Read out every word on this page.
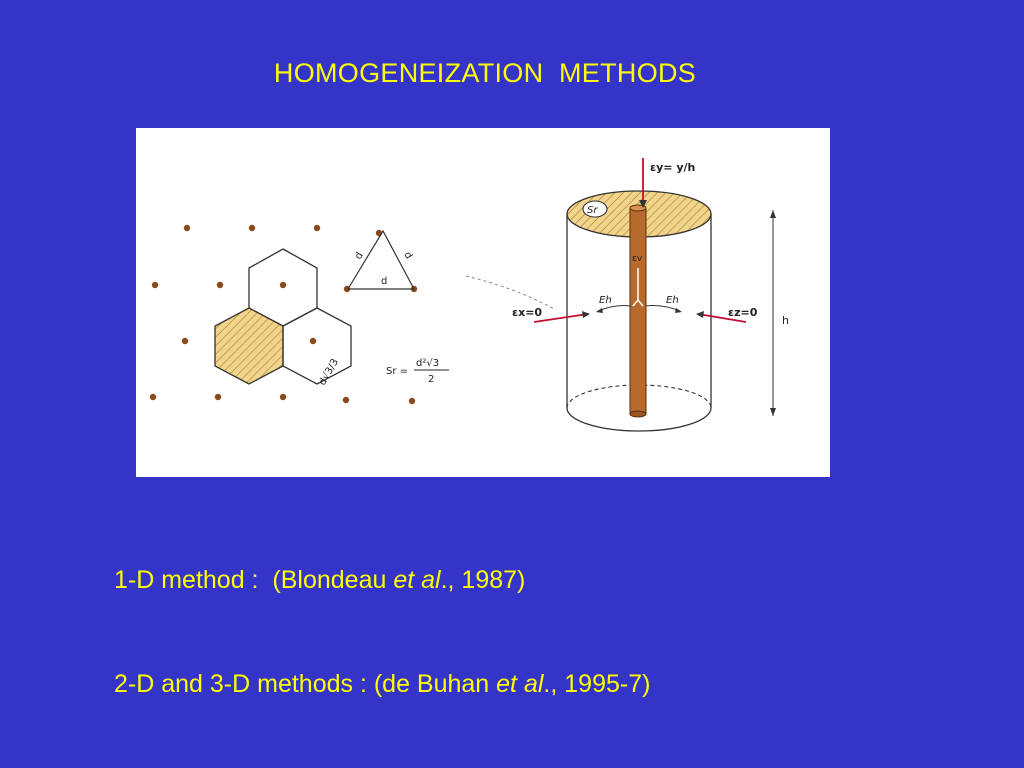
HOMOGENEIZATION  METHODS
d
d	d
d√3/3	Sr =
d²√3
2
Sr
εy= y/h
εv
εx=0	εz=0
Eh	Eh
h
1-D method :  (Blondeau et al., 1987)
2-D and 3-D methods : (de Buhan et al., 1995-7)
